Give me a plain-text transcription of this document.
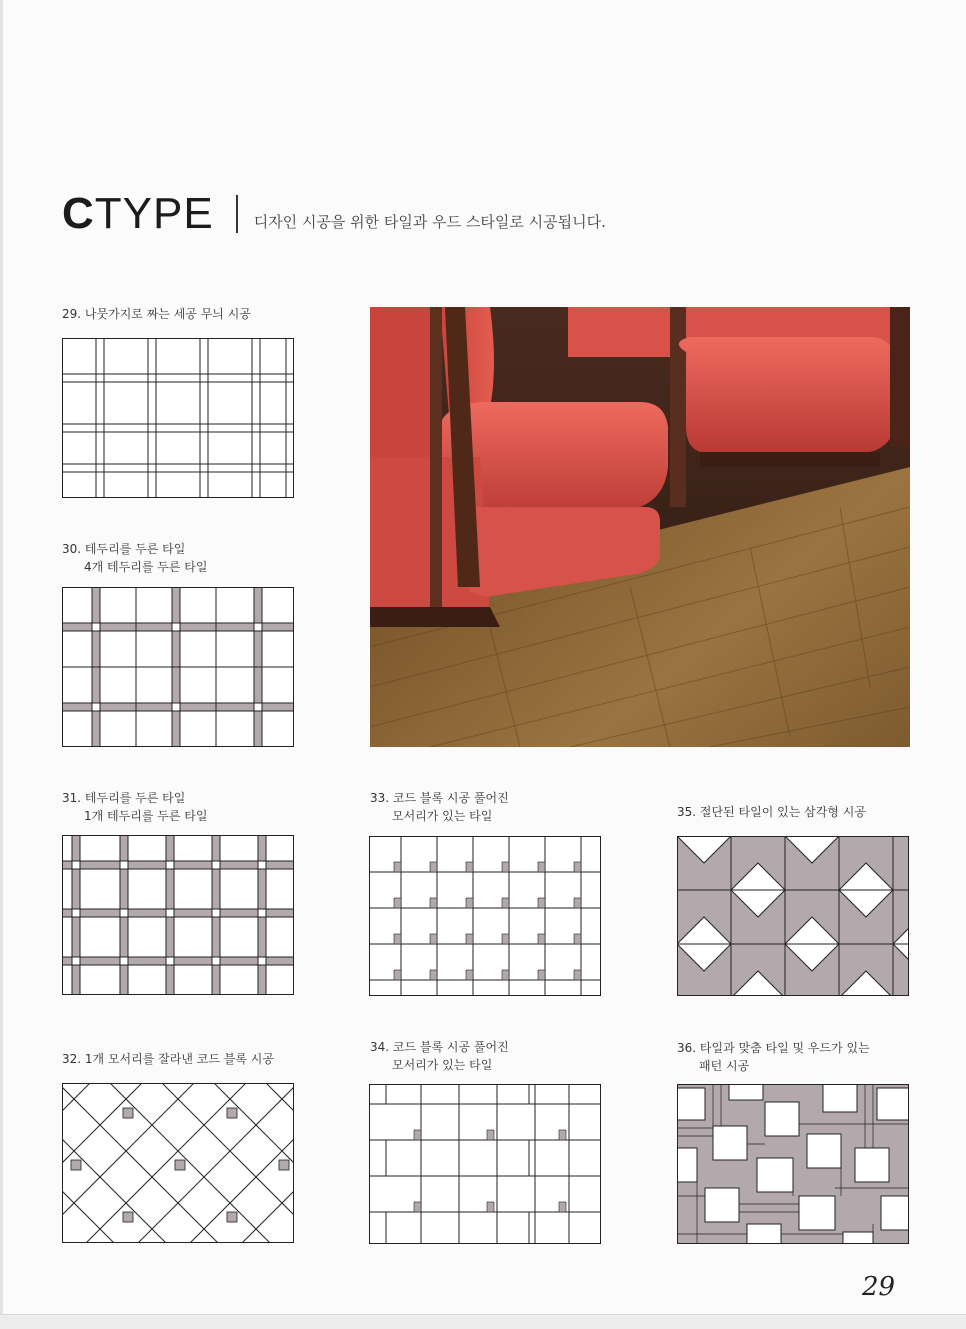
CTYPE	디자인 시공을 위한 타일과 우드 스타일로 시공됩니다.
29. 나뭇가지로 짜는 세공 무늬 시공
30. 테두리를 두른 타일
4개 테두리를 두른 타일
31. 테두리를 두른 타일
1개 테두리를 두른 타일
32. 1개 모서리를 잘라낸 코드 블록 시공
33. 코드 블록 시공 풀어진
모서리가 있는 타일
34. 코드 블록 시공 풀어진
모서리가 있는 타일
35. 절단된 타일이 있는 삼각형 시공
36. 타일과 맞춤 타일 및 우드가 있는
패턴 시공
29
